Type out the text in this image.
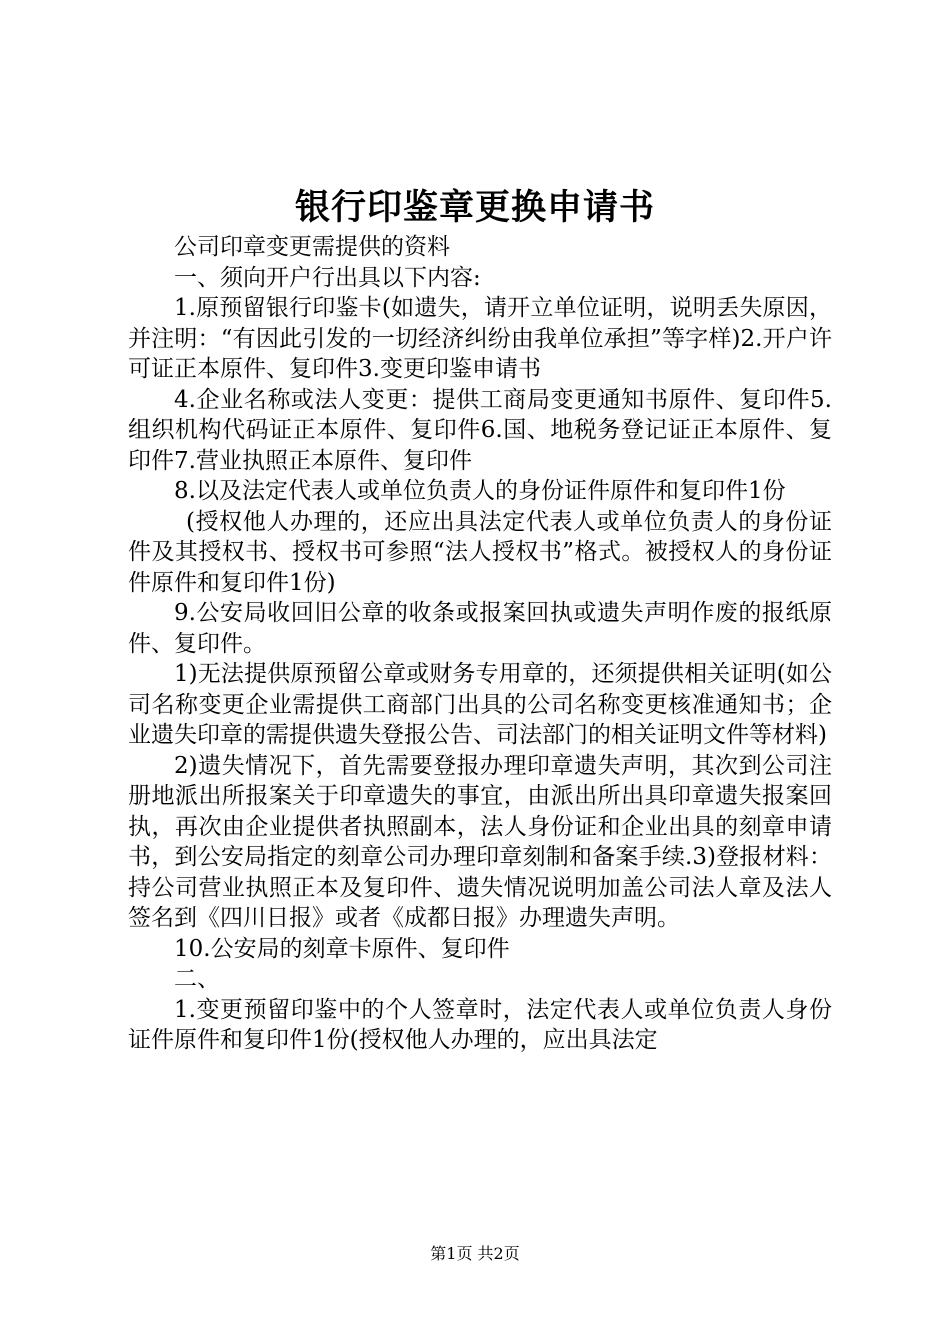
银行印鉴章更换申请书

公司印章变更需提供的资料

一、须向开户行出具以下内容:

1.原预留银行印鉴卡(如遗失，请开立单位证明，说明丢失原因，并注明：“有因此引发的一切经济纠纷由我单位承担”等字样)2.开户许可证正本原件、复印件3.变更印鉴申请书

4.企业名称或法人变更：提供工商局变更通知书原件、复印件5.组织机构代码证正本原件、复印件6.国、地税务登记证正本原件、复印件7.营业执照正本原件、复印件

8.以及法定代表人或单位负责人的身份证件原件和复印件1份

(授权他人办理的，还应出具法定代表人或单位负责人的身份证件及其授权书、授权书可参照“法人授权书”格式。被授权人的身份证件原件和复印件1份)

9.公安局收回旧公章的收条或报案回执或遗失声明作废的报纸原件、复印件。

1)无法提供原预留公章或财务专用章的，还须提供相关证明(如公司名称变更企业需提供工商部门出具的公司名称变更核准通知书；企业遗失印章的需提供遗失登报公告、司法部门的相关证明文件等材料)

2)遗失情况下，首先需要登报办理印章遗失声明，其次到公司注册地派出所报案关于印章遗失的事宜，由派出所出具印章遗失报案回执，再次由企业提供者执照副本，法人身份证和企业出具的刻章申请书，到公安局指定的刻章公司办理印章刻制和备案手续.3)登报材料：持公司营业执照正本及复印件、遗失情况说明加盖公司法人章及法人签名到《四川日报》或者《成都日报》办理遗失声明。

10.公安局的刻章卡原件、复印件

二、

1.变更预留印鉴中的个人签章时，法定代表人或单位负责人身份证件原件和复印件1份(授权他人办理的，应出具法定

第1页 共2页
